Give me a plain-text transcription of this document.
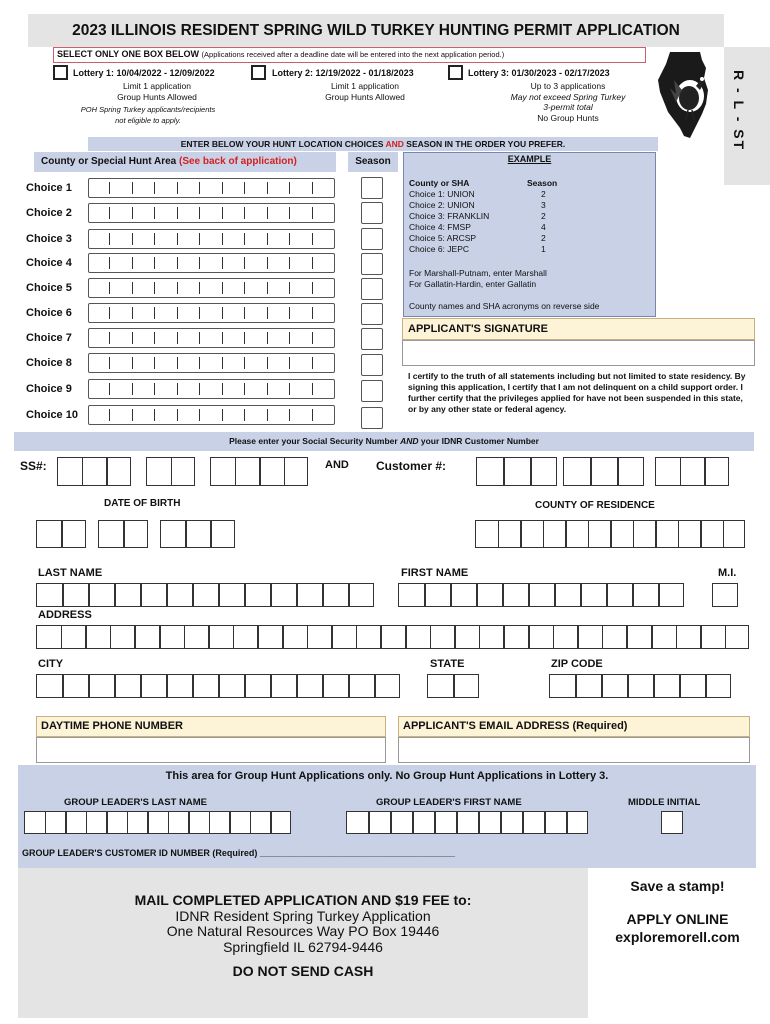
2023 ILLINOIS RESIDENT SPRING WILD TURKEY HUNTING PERMIT APPLICATION
R - L - ST
SELECT ONLY ONE BOX BELOW (Applications received after a deadline date will be entered into the next application period.)
Lottery 1: 10/04/2022 - 12/09/2022
Limit 1 application
Group Hunts Allowed
POH Spring Turkey applicants/recipients
not eligible to apply.
Lottery 2: 12/19/2022 - 01/18/2023
Limit 1 application
Group Hunts Allowed
Lottery 3: 01/30/2023 - 02/17/2023
Up to 3 applications
May not exceed Spring Turkey
3-permit total
No Group Hunts
ENTER BELOW YOUR HUNT LOCATION CHOICES AND SEASON IN THE ORDER YOU PREFER.
County or Special Hunt Area (See back of application)	Season	EXAMPLE
County or SHA	Season
Choice 1: UNION	2
Choice 2: UNION	3
Choice 3: FRANKLIN	2
Choice 4: FMSP	4
Choice 5: ARCSP	2
Choice 6: JEPC	1
For Marshall-Putnam, enter Marshall
For Gallatin-Hardin, enter Gallatin
County names and SHA acronyms on reverse side
APPLICANT'S SIGNATURE
I certify to the truth of all statements including but not limited to state residency. By signing this application, I certify that I am not delinquent on a child support order. I further certify that the privileges applied for have not been suspended in this state, or by any other state or federal agency.
Please enter your Social Security Number AND your IDNR Customer Number
SS#:	AND Customer #:
DATE OF BIRTH	COUNTY OF RESIDENCE
LAST NAME	FIRST NAME	M.I.
ADDRESS
CITY	STATE	ZIP CODE
DAYTIME PHONE NUMBER	APPLICANT'S EMAIL ADDRESS (Required)
This area for Group Hunt Applications only. No Group Hunt Applications in Lottery 3.
GROUP LEADER'S LAST NAME	GROUP LEADER'S FIRST NAME	MIDDLE INITIAL
GROUP LEADER'S CUSTOMER ID NUMBER (Required) _______________________________________
MAIL COMPLETED APPLICATION AND $19 FEE to:
IDNR Resident Spring Turkey Application
One Natural Resources Way PO Box 19446
Springfield IL 62794-9446
DO NOT SEND CASH
Save a stamp!
APPLY ONLINE
exploremorell.com
Choice 1
Choice 2
Choice 3
Choice 4
Choice 5
Choice 6
Choice 7
Choice 8
Choice 9
Choice 10
